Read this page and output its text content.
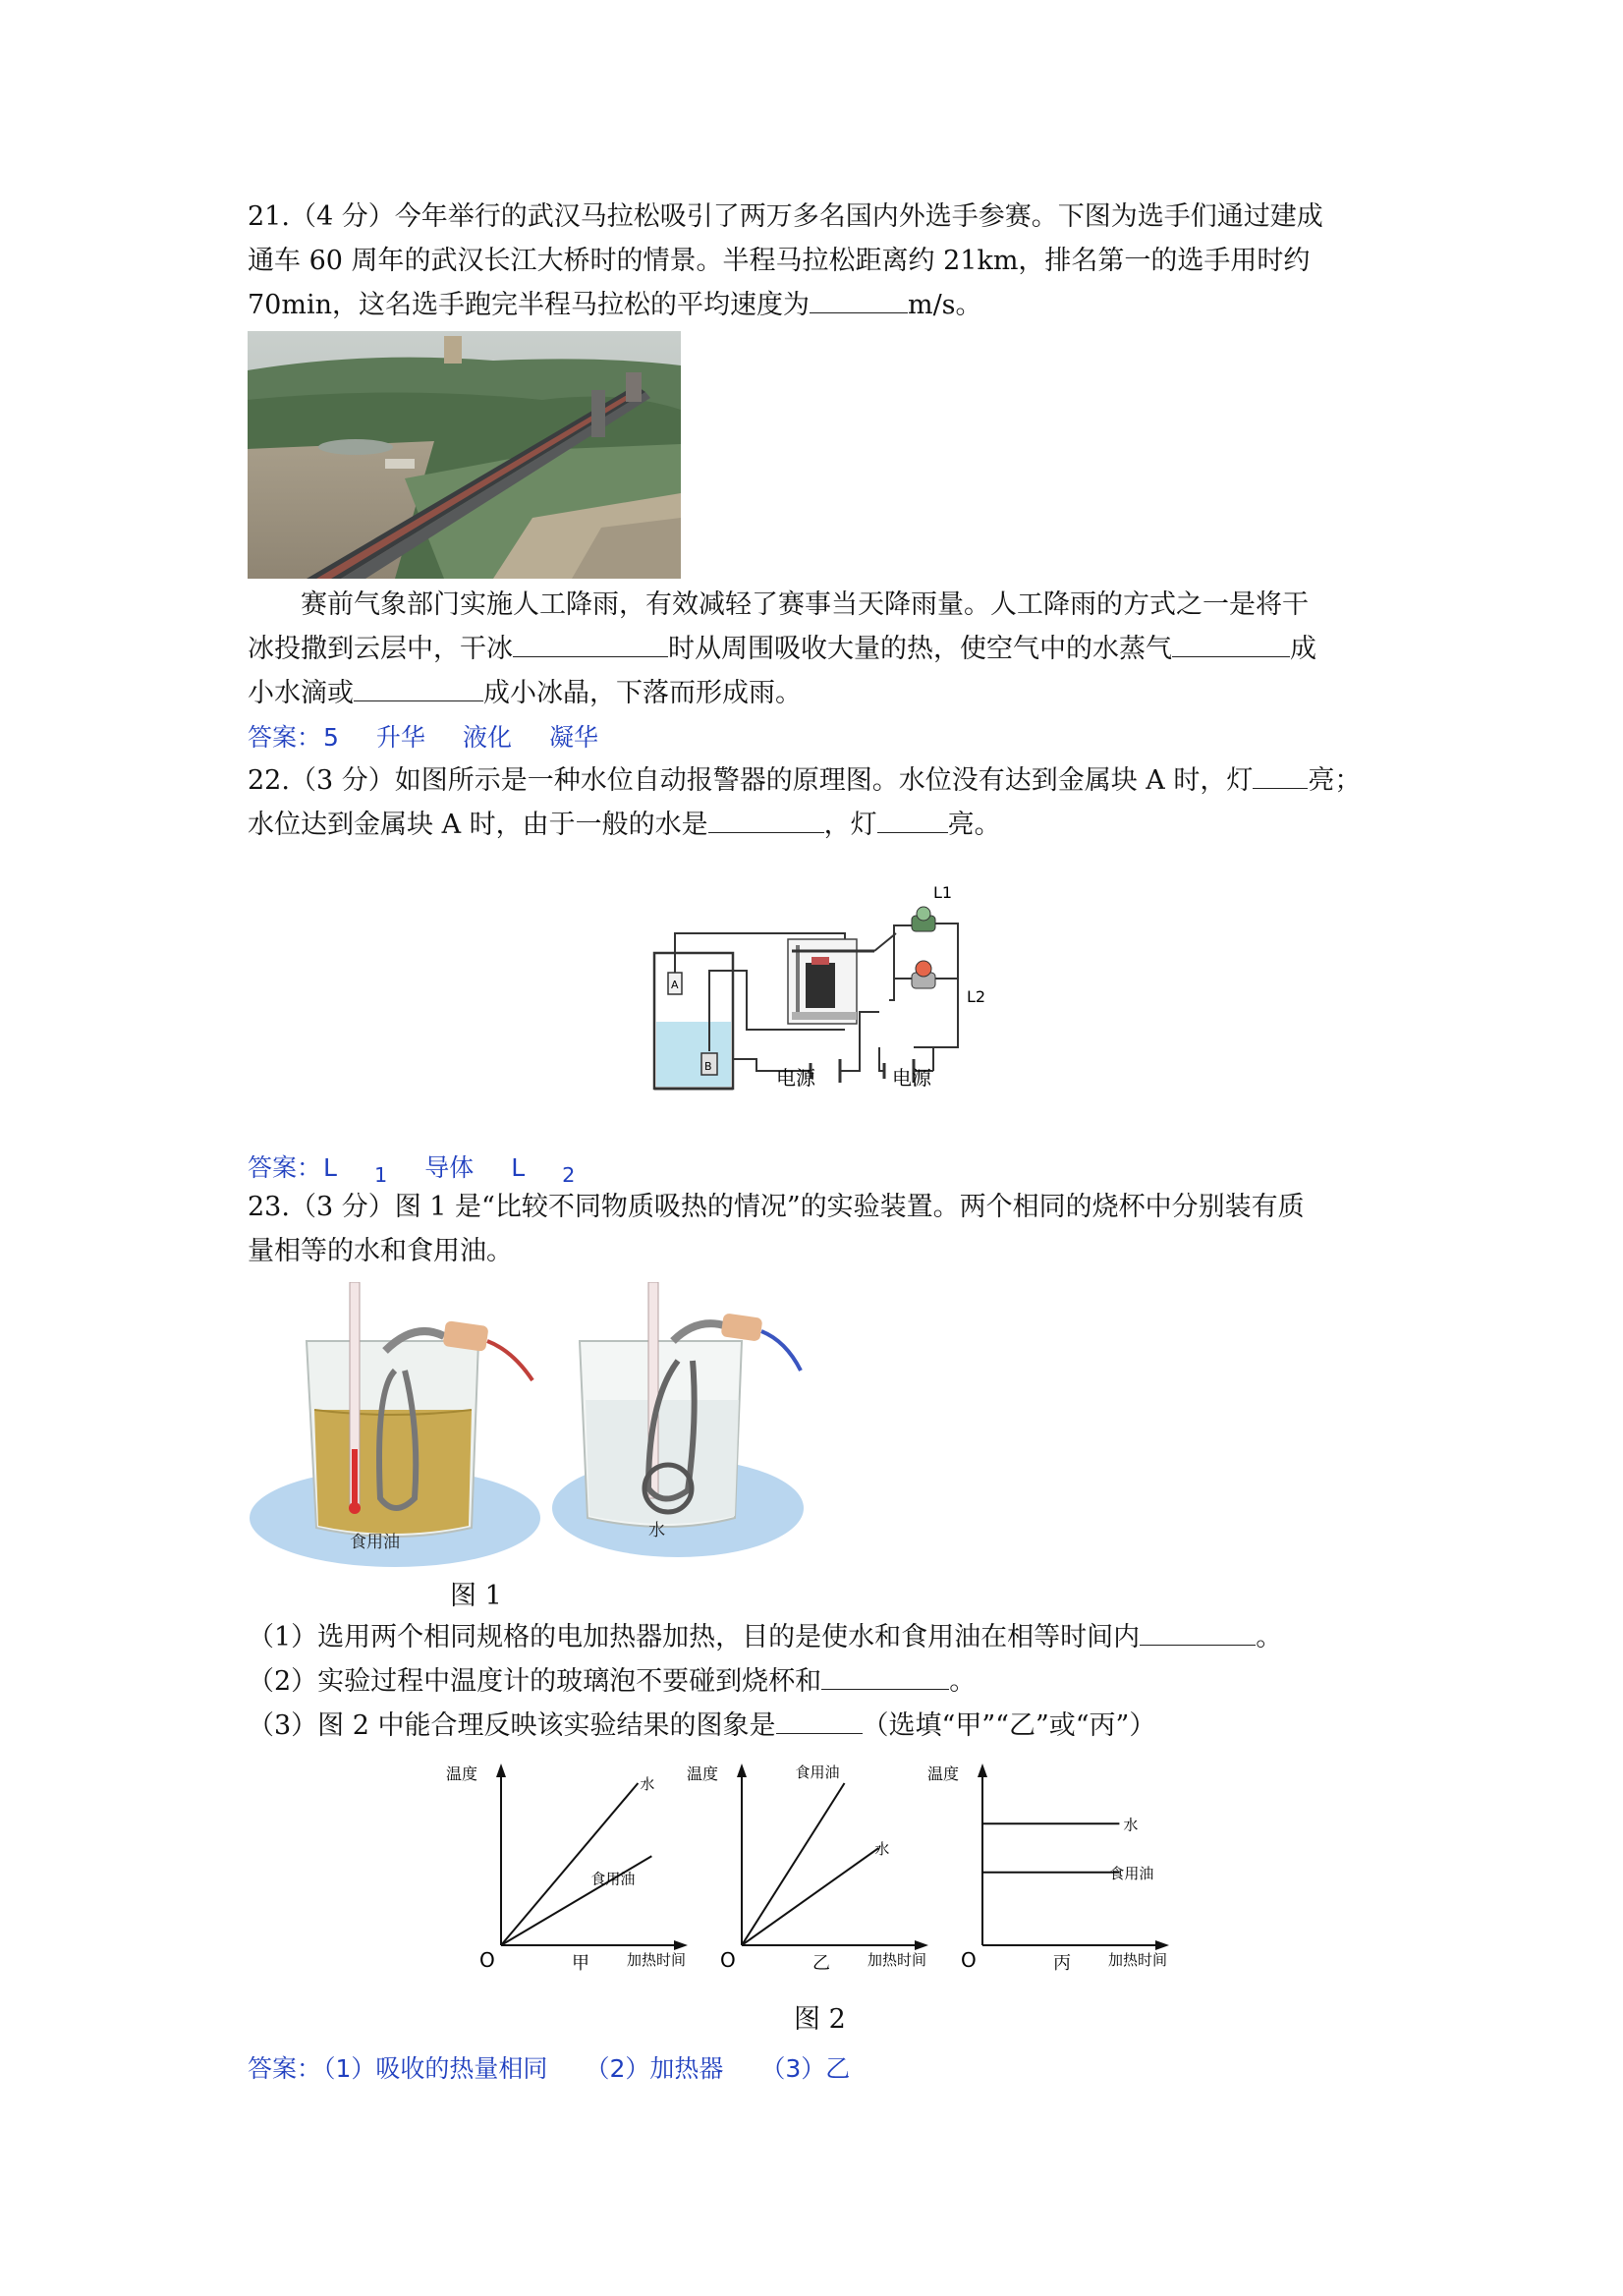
21.（4 分）今年举行的武汉马拉松吸引了两万多名国内外选手参赛。下图为选手们通过建成
通车 60 周年的武汉长江大桥时的情景。半程马拉松距离约 21km，排名第一的选手用时约
70min，这名选手跑完半程马拉松的平均速度为	m/s。

赛前气象部门实施人工降雨，有效减轻了赛事当天降雨量。人工降雨的方式之一是将干
冰投撒到云层中，干冰	时从周围吸收大量的热，使空气中的水蒸气	成
小水滴或	成小冰晶，下落而形成雨。

答案：5 升华 液化 凝华

22.（3 分）如图所示是一种水位自动报警器的原理图。水位没有达到金属块 A 时，灯 亮；
水位达到金属块 A 时，由于一般的水是	，灯	亮。

A
B
L1
L2
电源	电源
答案：L $_1$ 导体 L $_2$

23.（3 分）图 1 是“比较不同物质吸热的情况”的实验装置。两个相同的烧杯中分别装有质
量相等的水和食用油。

食用油
水
图 1

（1）选用两个相同规格的电加热器加热，目的是使水和食用油在相等时间内	。
（2）实验过程中温度计的玻璃泡不要碰到烧杯和	。
（3）图 2 中能合理反映该实验结果的图象是	（选填“甲”“乙”或“丙”）

温度
O	甲	加热时间
水
食用油
温度
O	乙	加热时间
食用油
水
温度
O	丙	加热时间
水
食用油
图 2
答案：（1）吸收的热量相同 （2）加热器 （3）乙
